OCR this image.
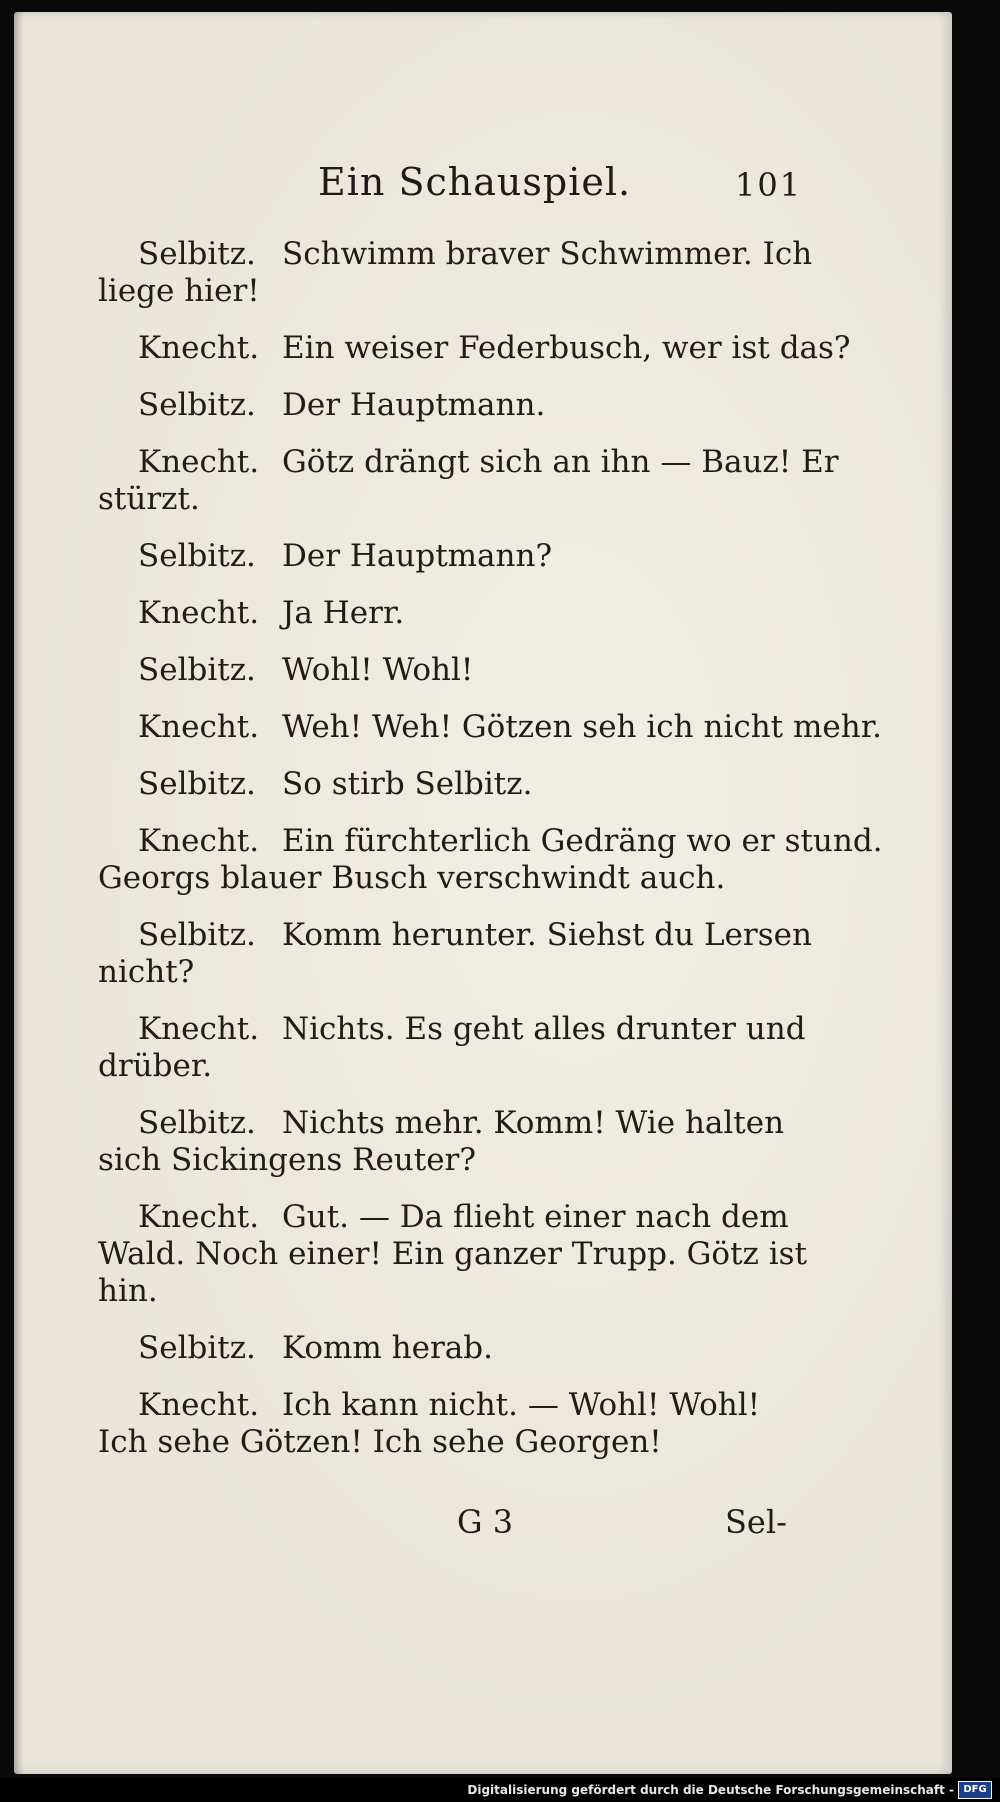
Ein Schauspiel.	101
Selbitz. Schwimm braver Schwimmer. Ich
liege hier!
Knecht. Ein weiser Federbusch, wer ist das?
Selbitz. Der Hauptmann.
Knecht. Götz drängt sich an ihn — Bauz! Er
stürzt.
Selbitz. Der Hauptmann?
Knecht. Ja Herr.
Selbitz. Wohl! Wohl!
Knecht. Weh! Weh! Götzen seh ich nicht mehr.
Selbitz. So stirb Selbitz.
Knecht. Ein fürchterlich Gedräng wo er stund.
Georgs blauer Busch verschwindt auch.
Selbitz. Komm herunter. Siehst du Lersen
nicht?
Knecht. Nichts. Es geht alles drunter und
drüber.
Selbitz. Nichts mehr. Komm! Wie halten
sich Sickingens Reuter?
Knecht. Gut. — Da flieht einer nach dem
Wald. Noch einer! Ein ganzer Trupp. Götz ist
hin.
Selbitz. Komm herab.
Knecht. Ich kann nicht. — Wohl! Wohl!
Ich sehe Götzen! Ich sehe Georgen!
G 3	Sel-
Digitalisierung gefördert durch die Deutsche Forschungsgemeinschaft - DFG
